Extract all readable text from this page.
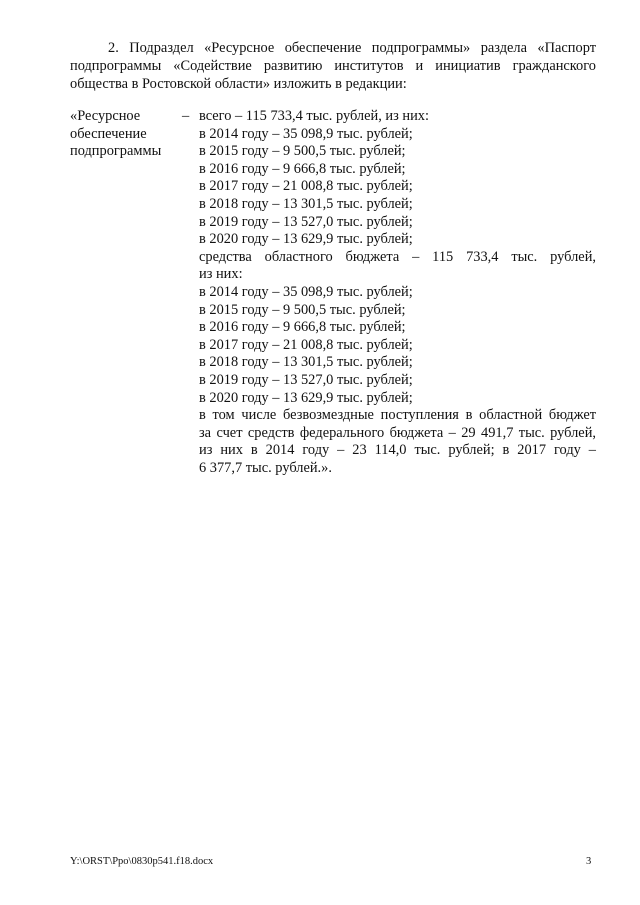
2. Подраздел «Ресурсное обеспечение подпрограммы» раздела «Паспорт подпрограммы «Содействие развитию институтов и инициатив гражданского общества в Ростовской области» изложить в редакции:

«Ресурсное
обеспечение
подпрограммы
– всего – 115 733,4 тыс. рублей, из них:
в 2014 году – 35 098,9 тыс. рублей;
в 2015 году – 9 500,5 тыс. рублей;
в 2016 году – 9 666,8 тыс. рублей;
в 2017 году – 21 008,8 тыс. рублей;
в 2018 году – 13 301,5 тыс. рублей;
в 2019 году – 13 527,0 тыс. рублей;
в 2020 году – 13 629,9 тыс. рублей;
средства областного бюджета – 115 733,4 тыс. рублей,
из них:
в 2014 году – 35 098,9 тыс. рублей;
в 2015 году – 9 500,5 тыс. рублей;
в 2016 году – 9 666,8 тыс. рублей;
в 2017 году – 21 008,8 тыс. рублей;
в 2018 году – 13 301,5 тыс. рублей;
в 2019 году – 13 527,0 тыс. рублей;
в 2020 году – 13 629,9 тыс. рублей;
в том числе безвозмездные поступления в областной бюджет
за счет средств федерального бюджета – 29 491,7 тыс. рублей,
из них в 2014 году – 23 114,0 тыс. рублей; в 2017 году –
6 377,7 тыс. рублей.».
Y:\ORST\Ppo\0830p541.f18.docx	3
